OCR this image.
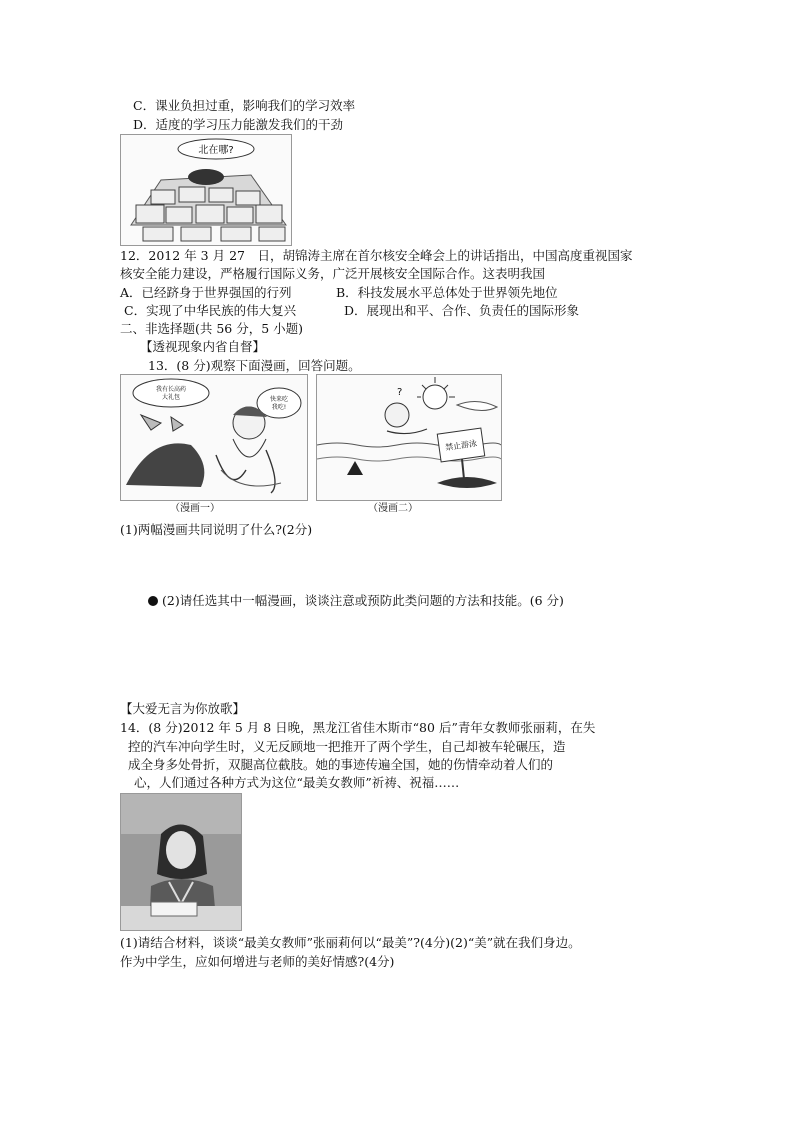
C．课业负担过重，影响我们的学习效率
D．适度的学习压力能激发我们的干劲
北在哪?
12．2012 年 3 月 27　日，胡锦涛主席在首尔核安全峰会上的讲话指出，中国高度重视国家
核安全能力建设，严格履行国际义务，广泛开展核安全国际合作。这表明我国
A．已经跻身于世界强国的行列	B．科技发展水平总体处于世界领先地位
C．实现了中华民族的伟大复兴	D．展现出和平、合作、负责任的国际形象
二、非选择题(共 56 分，5 小题)
【透视现象内省自督】
13．(8 分)观察下面漫画，回答问题。
我有长高药
大礼包	快来吃
我吃!
（漫画一）
?
禁止游泳
（漫画二）
(1)两幅漫画共同说明了什么?(2分)
(2)请任选其中一幅漫画，谈谈注意或预防此类问题的方法和技能。(6 分)
【大爱无言为你放歌】
14．(8 分)2012 年 5 月 8 日晚，黑龙江省佳木斯市“80 后”青年女教师张丽莉，在失
控的汽车冲向学生时，义无反顾地一把推开了两个学生，自己却被车轮碾压，造
成全身多处骨折，双腿高位截肢。她的事迹传遍全国，她的伤情牵动着人们的
心，人们通过各种方式为这位“最美女教师”祈祷、祝福……
(1)请结合材料，谈谈“最美女教师”张丽莉何以“最美”?(4分)(2)“美”就在我们身边。
作为中学生，应如何增进与老师的美好情感?(4分)
